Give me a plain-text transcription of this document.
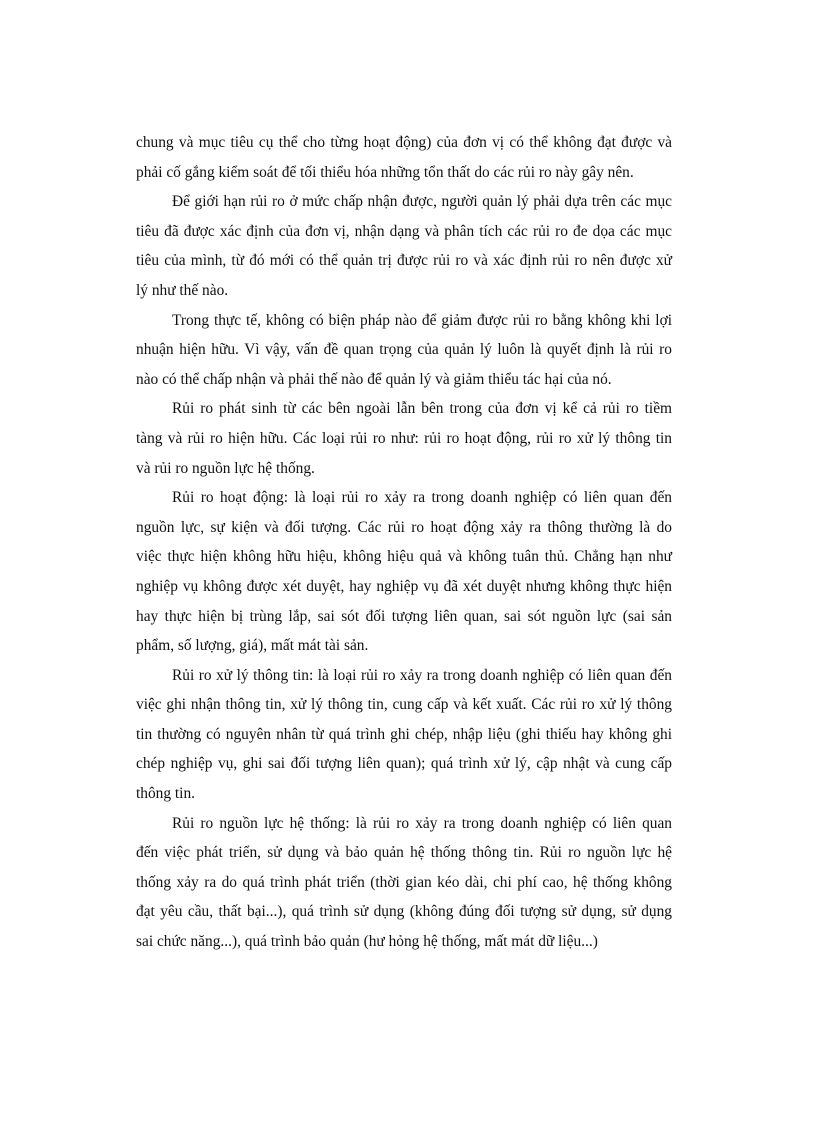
chung và mục tiêu cụ thể cho từng hoạt động) của đơn vị có thể không đạt được và
phải cố gắng kiểm soát để tối thiểu hóa những tổn thất do các rủi ro này gây nên.
Để giới hạn rủi ro ở mức chấp nhận được, người quản lý phải dựa trên các mục
tiêu đã được xác định của đơn vị, nhận dạng và phân tích các rủi ro đe dọa các mục
tiêu của mình, từ đó mới có thể quản trị được rủi ro và xác định rủi ro nên được xử
lý như thế nào.
Trong thực tế, không có biện pháp nào để giảm được rủi ro bằng không khi lợi
nhuận hiện hữu. Vì vậy, vấn đề quan trọng của quản lý luôn là quyết định là rủi ro
nào có thể chấp nhận và phải thế nào để quản lý và giảm thiểu tác hại của nó.
Rủi ro phát sinh từ các bên ngoài lẫn bên trong của đơn vị kể cả rủi ro tiềm
tàng và rủi ro hiện hữu. Các loại rủi ro như: rủi ro hoạt động, rủi ro xử lý thông tin
và rủi ro nguồn lực hệ thống.
Rủi ro hoạt động: là loại rủi ro xảy ra trong doanh nghiệp có liên quan đến
nguồn lực, sự kiện và đối tượng. Các rủi ro hoạt động xảy ra thông thường là do
việc thực hiện không hữu hiệu, không hiệu quả và không tuân thủ. Chẳng hạn như
nghiệp vụ không được xét duyệt, hay nghiệp vụ đã xét duyệt nhưng không thực hiện
hay thực hiện bị trùng lắp, sai sót đối tượng liên quan, sai sót nguồn lực (sai sản
phẩm, số lượng, giá), mất mát tài sản.
Rủi ro xử lý thông tin: là loại rủi ro xảy ra trong doanh nghiệp có liên quan đến
việc ghi nhận thông tin, xử lý thông tin, cung cấp và kết xuất. Các rủi ro xử lý thông
tin thường có nguyên nhân từ quá trình ghi chép, nhập liệu (ghi thiếu hay không ghi
chép nghiệp vụ, ghi sai đối tượng liên quan); quá trình xử lý, cập nhật và cung cấp
thông tin.
Rủi ro nguồn lực hệ thống: là rủi ro xảy ra trong doanh nghiệp có liên quan
đến việc phát triển, sử dụng và bảo quản hệ thống thông tin. Rủi ro nguồn lực hệ
thống xảy ra do quá trình phát triển (thời gian kéo dài, chi phí cao, hệ thống không
đạt yêu cầu, thất bại...), quá trình sử dụng (không đúng đối tượng sử dụng, sử dụng
sai chức năng...), quá trình bảo quản (hư hỏng hệ thống, mất mát dữ liệu...)
